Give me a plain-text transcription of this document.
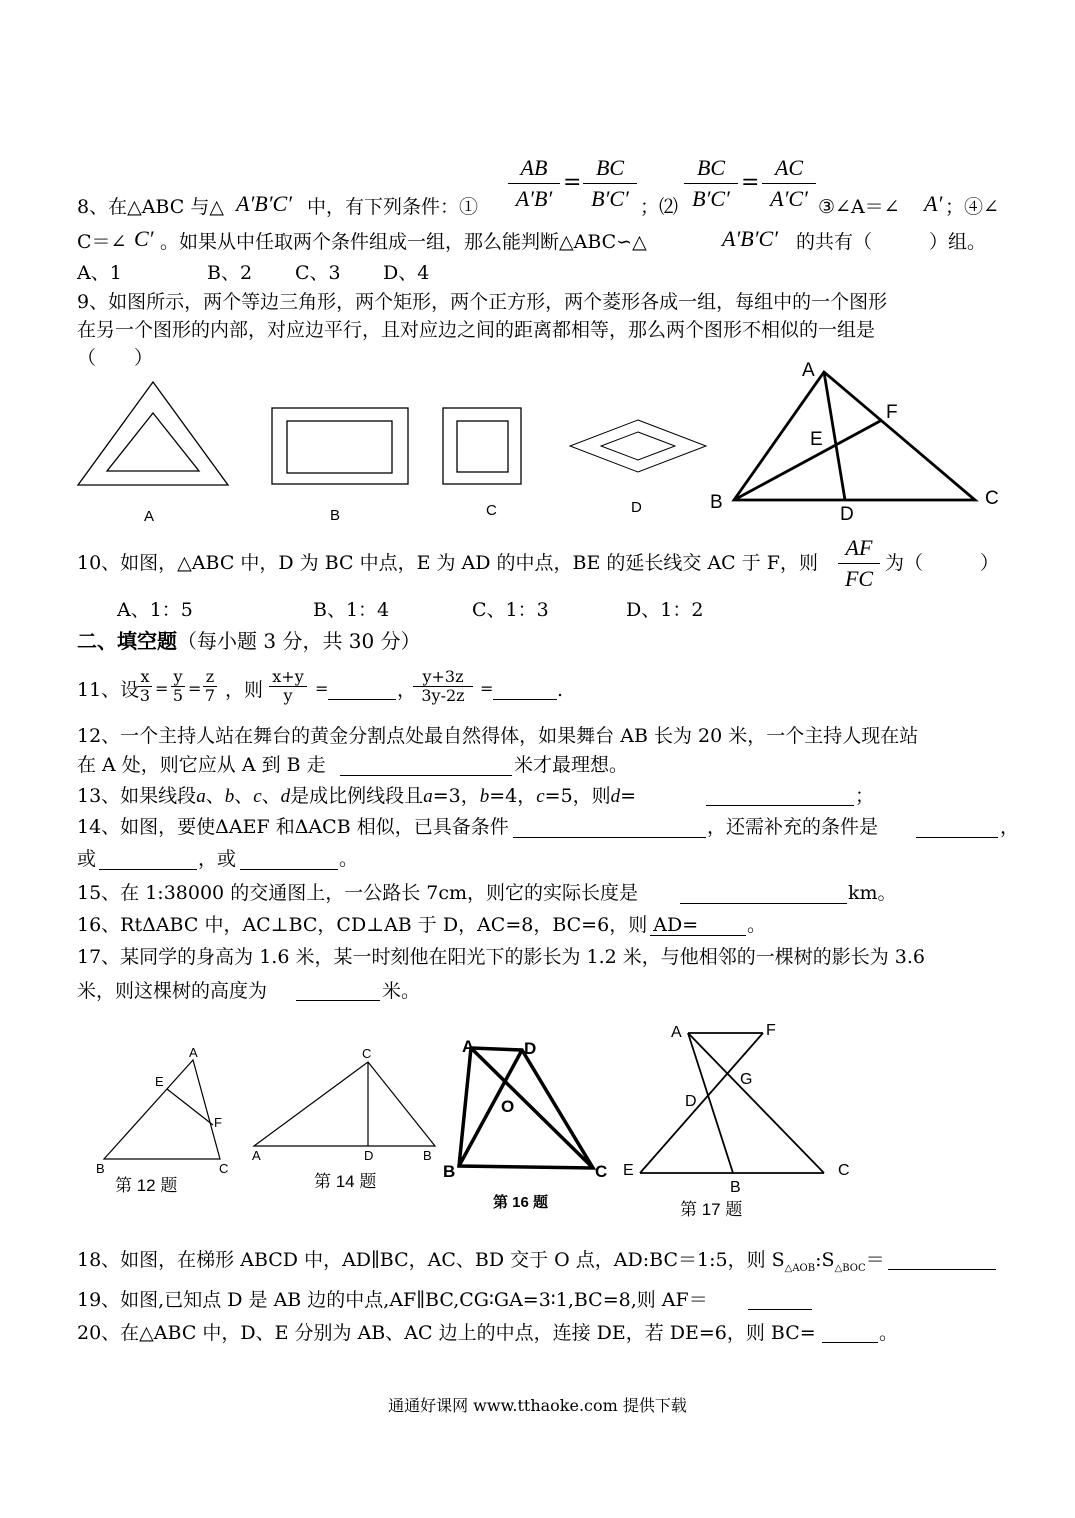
AB
A′B′
=
BC
B′C′
BC
B′C′
=
AC
A′C′
8、在△ABC 与△ A′B′C′ 中，有下列条件：①	；⑵	③∠A＝∠ A′ ；④∠
C＝∠ C′ 。如果从中任取两个条件组成一组，那么能判断△ABC∽△	A′B′C′ 的共有（　　　）组。
A、1	B、2 C、3 D、4
9、如图所示，两个等边三角形，两个矩形，两个正方形，两个菱形各成一组，每组中的一个图形
在另一个图形的内部，对应边平行，且对应边之间的距离都相等，那么两个图形不相似的一组是
（　　）
A	B	C	D
A
F
E
B	C
D
10、如图，△ABC 中，D 为 BC 中点，E 为 AD 的中点，BE 的延长线交 AC 于 F，则
AF
FC
为（　　　）
A、1：5	B、1：4	C、1：3	D、1：2
二、填空题（每小题 3 分，共 30 分）
11、设
x
3 =
y
5 =
z
7 ，则
x+y
y	=	，
y+3z
3y-2z =	.
12、一个主持人站在舞台的黄金分割点处最自然得体，如果舞台 AB 长为 20 米，一个主持人现在站
在 A 处，则它应从 A 到 B 走	米才最理想。
13、如果线段a、b、c、d是成比例线段且a=3，b=4，c=5，则d=	；
14、如图，要使ΔAEF 和ΔACB 相似，已具备条件	，还需补充的条件是	，
或	，或	。
15、在 1:38000 的交通图上，一公路长 7cm，则它的实际长度是	km。
16、RtΔABC 中，AC⊥BC，CD⊥AB 于 D，AC=8，BC=6，则 AD=	。
17、某同学的身高为 1.6 米，某一时刻他在阳光下的影长为 1.2 米，与他相邻的一棵树的影长为 3.6
米，则这棵树的高度为	米。
A
E
F
B	C
C
A	D	B
A	D
O
B	C
A	F
G
D
E	C
B
第 12 题	第 14 题
第 16 题	第 17 题
18、如图，在梯形 ABCD 中，AD∥BC，AC、BD 交于 O 点，AD:BC＝1:5，则 $S_{\triangle AOB}:S_{\triangle BOC}=$
19、如图,已知点 D 是 AB 边的中点,AF∥BC,CG∶GA=3∶1,BC=8,则 AF＝
20、在△ABC 中，D、E 分别为 AB、AC 边上的中点，连接 DE，若 DE=6，则 BC=	。
通通好课网 www.tthaoke.com 提供下载
